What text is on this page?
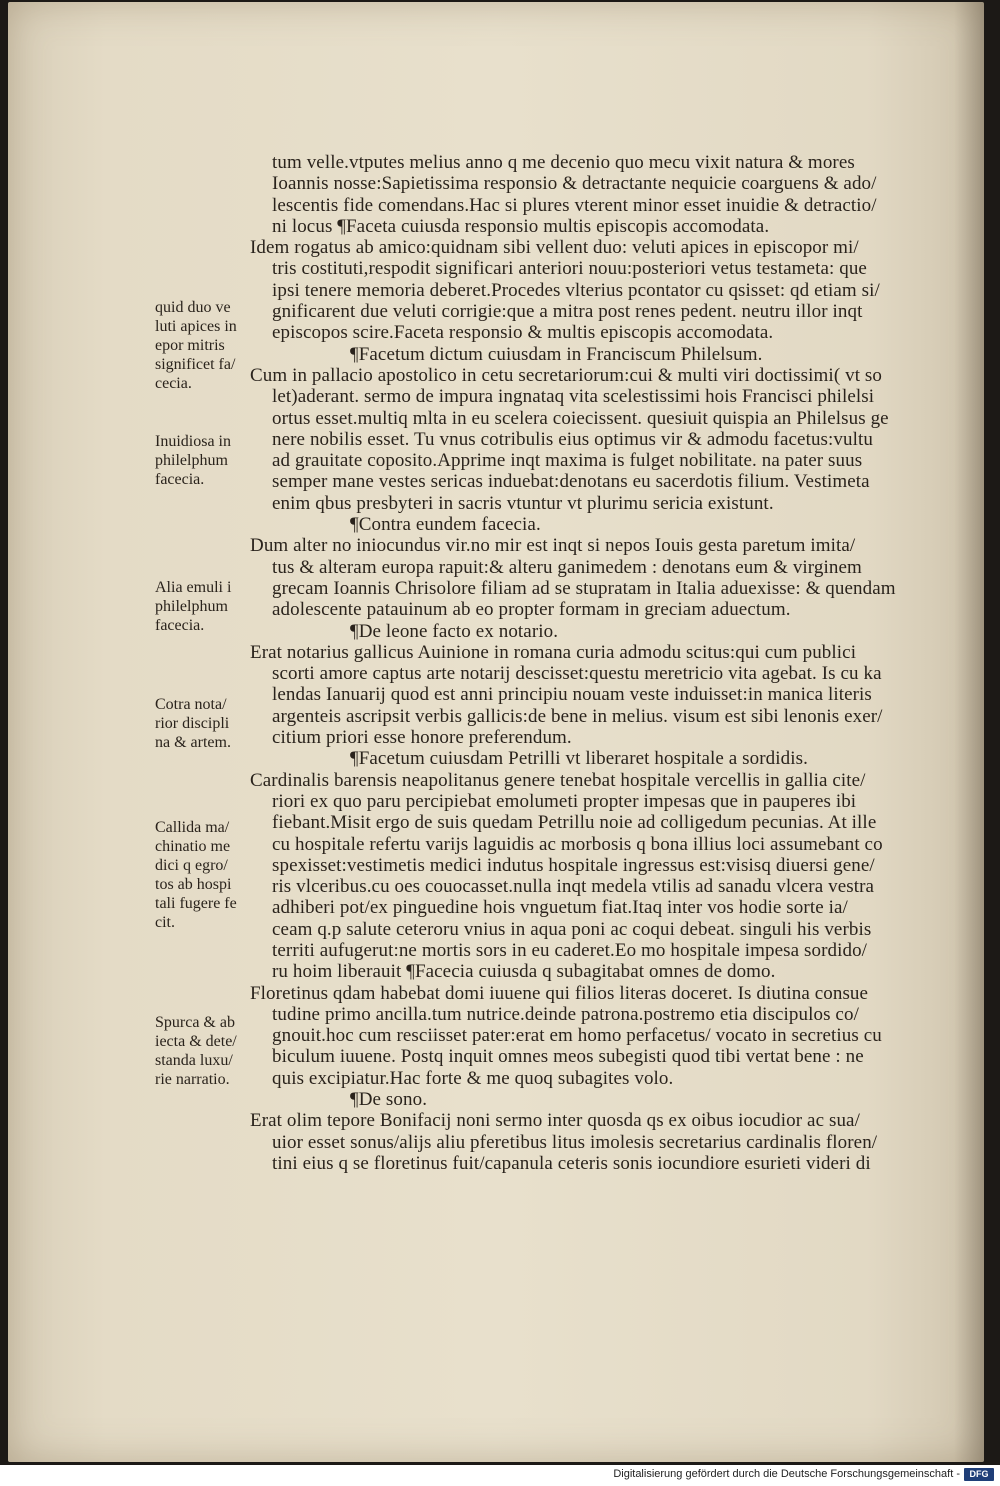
tum velle.vtputes melius anno q me decenio quo mecu vixit natura & mores
Ioannis nosse:Sapietissima responsio & detractante nequicie coarguens & ado/
lescentis fide comendans.Hac si plures vterent minor esset inuidie & detractio/
ni locus ¶Faceta cuiusda responsio multis episcopis accomodata.
Idem rogatus ab amico:quidnam sibi vellent duo: veluti apices in episcopor mi/
tris costituti,respodit significari anteriori nouu:posteriori vetus testameta: que
ipsi tenere memoria deberet.Procedes vlterius pcontator cu qsisset: qd etiam si/
gnificarent due veluti corrigie:que a mitra post renes pedent. neutru illor inqt
episcopos scire.Faceta responsio & multis episcopis accomodata.
¶Facetum dictum cuiusdam in Franciscum Philelsum.
Cum in pallacio apostolico in cetu secretariorum:cui & multi viri doctissimi( vt so
let)aderant. sermo de impura ingnataq vita scelestissimi hois Francisci philelsi
ortus esset.multiq mlta in eu scelera coiecissent. quesiuit quispia an Philelsus ge
nere nobilis esset. Tu vnus cotribulis eius optimus vir & admodu facetus:vultu
ad grauitate coposito.Apprime inqt maxima is fulget nobilitate. na pater suus
semper mane vestes sericas induebat:denotans eu sacerdotis filium. Vestimeta
enim qbus presbyteri in sacris vtuntur vt plurimu sericia existunt.
¶Contra eundem facecia.
Dum alter no iniocundus vir.no mir est inqt si nepos Iouis gesta paretum imita/
tus & alteram europa rapuit:& alteru ganimedem : denotans eum & virginem
grecam Ioannis Chrisolore filiam ad se stupratam in Italia aduexisse: & quendam
adolescente patauinum ab eo propter formam in greciam aduectum.
¶De leone facto ex notario.
Erat notarius gallicus Auinione in romana curia admodu scitus:qui cum publici
scorti amore captus arte notarij descisset:questu meretricio vita agebat. Is cu ka
lendas Ianuarij quod est anni principiu nouam veste induisset:in manica literis
argenteis ascripsit verbis gallicis:de bene in melius. visum est sibi lenonis exer/
citium priori esse honore preferendum.
¶Facetum cuiusdam Petrilli vt liberaret hospitale a sordidis.
Cardinalis barensis neapolitanus genere tenebat hospitale vercellis in gallia cite/
riori ex quo paru percipiebat emolumeti propter impesas que in pauperes ibi
fiebant.Misit ergo de suis quedam Petrillu noie ad colligedum pecunias. At ille
cu hospitale refertu varijs laguidis ac morbosis q bona illius loci assumebant co
spexisset:vestimetis medici indutus hospitale ingressus est:visisq diuersi gene/
ris vlceribus.cu oes couocasset.nulla inqt medela vtilis ad sanadu vlcera vestra
adhiberi pot/ex pinguedine hois vnguetum fiat.Itaq inter vos hodie sorte ia/
ceam q.p salute ceteroru vnius in aqua poni ac coqui debeat. singuli his verbis
territi aufugerut:ne mortis sors in eu caderet.Eo mo hospitale impesa sordido/
ru hoim liberauit ¶Facecia cuiusda q subagitabat omnes de domo.
Floretinus qdam habebat domi iuuene qui filios literas doceret. Is diutina consue
tudine primo ancilla.tum nutrice.deinde patrona.postremo etia discipulos co/
gnouit.hoc cum resciisset pater:erat em homo perfacetus/ vocato in secretius cu
biculum iuuene. Postq inquit omnes meos subegisti quod tibi vertat bene : ne
quis excipiatur.Hac forte & me quoq subagites volo.
¶De sono.
Erat olim tepore Bonifacij noni sermo inter quosda qs ex oibus iocudior ac sua/
uior esset sonus/alijs aliu pferetibus litus imolesis secretarius cardinalis floren/
tini eius q se floretinus fuit/capanula ceteris sonis iocundiore esurieti videri di
quid duo ve
luti apices in
epor mitris
significet fa/
cecia.
Inuidiosa in
philelphum
facecia.
Alia emuli i
philelphum
facecia.
Cotra nota/
rior discipli
na & artem.
Callida ma/
chinatio me
dici q egro/
tos ab hospi
tali fugere fe
cit.
Spurca & ab
iecta & dete/
standa luxu/
rie narratio.
Digitalisierung gefördert durch die Deutsche Forschungsgemeinschaft -	DFG
